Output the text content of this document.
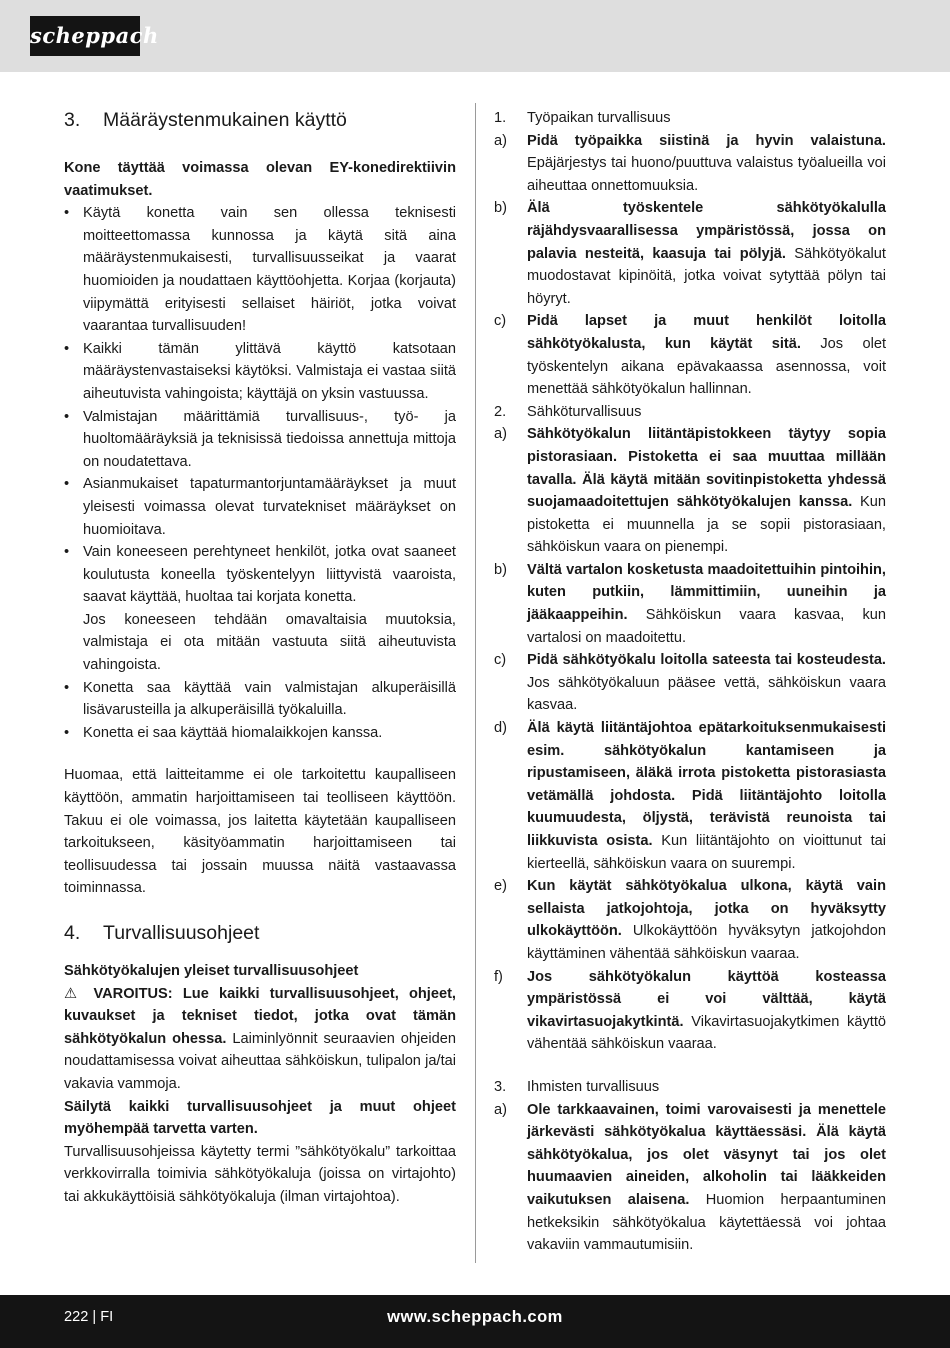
scheppach
3.	Määräystenmukainen käyttö

Kone täyttää voimassa olevan EY-konedirektiivin vaatimukset.

• Käytä konetta vain sen ollessa teknisesti moitteettomassa kunnossa ja käytä sitä aina määräystenmukaisesti, turvallisuusseikat ja vaarat huomioiden ja noudattaen käyttöohjetta. Korjaa (korjauta) viipymättä erityisesti sellaiset häiriöt, jotka voivat vaarantaa turvallisuuden!
• Kaikki tämän ylittävä käyttö katsotaan määräystenvastaiseksi käytöksi. Valmistaja ei vastaa siitä aiheutuvista vahingoista; käyttäjä on yksin vastuussa.
• Valmistajan määrittämiä turvallisuus-, työ- ja huoltomääräyksiä ja teknisissä tiedoissa annettuja mittoja on noudatettava.
• Asianmukaiset tapaturmantorjuntamääräykset ja muut yleisesti voimassa olevat turvatekniset määräykset on huomioitava.
• Vain koneeseen perehtyneet henkilöt, jotka ovat saaneet koulutusta koneella työskentelyyn liittyvistä vaaroista, saavat käyttää, huoltaa tai korjata konetta.
Jos koneeseen tehdään omavaltaisia muutoksia, valmistaja ei ota mitään vastuuta siitä aiheutuvista vahingoista.
• Konetta saa käyttää vain valmistajan alkuperäisillä lisävarusteilla ja alkuperäisillä työkaluilla.
• Konetta ei saa käyttää hiomalaikkojen kanssa.

Huomaa, että laitteitamme ei ole tarkoitettu kaupalliseen käyttöön, ammatin harjoittamiseen tai teolliseen käyttöön. Takuu ei ole voimassa, jos laitetta käytetään kaupalliseen tarkoitukseen, käsityöammatin harjoittamiseen tai teollisuudessa tai jossain muussa näitä vastaavassa toiminnassa.

4.	Turvallisuusohjeet

Sähkötyökalujen yleiset turvallisuusohjeet

⚠ VAROITUS: Lue kaikki turvallisuusohjeet, ohjeet, kuvaukset ja tekniset tiedot, jotka ovat tämän sähkötyökalun ohessa. Laiminlyönnit seuraavien ohjeiden noudattamisessa voivat aiheuttaa sähköiskun, tulipalon ja/tai vakavia vammoja.

Säilytä kaikki turvallisuusohjeet ja muut ohjeet myöhempää tarvetta varten.

Turvallisuusohjeissa käytetty termi ”sähkötyökalu” tarkoittaa verkkovirralla toimivia sähkötyökaluja (joissa on virtajohto) tai akkukäyttöisiä sähkötyökaluja (ilman virtajohtoa).

1.	Työpaikan turvallisuus
a)	Pidä työpaikka siistinä ja hyvin valaistuna. Epäjärjestys tai huono/puuttuva valaistus työalueilla voi aiheuttaa onnettomuuksia.
b)	Älä työskentele sähkötyökalulla räjähdysvaarallisessa ympäristössä, jossa on palavia nesteitä, kaasuja tai pölyjä. Sähkötyökalut muodostavat kipinöitä, jotka voivat sytyttää pölyn tai höyryt.
c)	Pidä lapset ja muut henkilöt loitolla sähkötyökalusta, kun käytät sitä. Jos olet työskentelyn aikana epävakaassa asennossa, voit menettää sähkötyökalun hallinnan.
2.	Sähköturvallisuus
a)	Sähkötyökalun liitäntäpistokkeen täytyy sopia pistorasiaan. Pistoketta ei saa muuttaa millään tavalla. Älä käytä mitään sovitinpistoketta yhdessä suojamaadoitettujen sähkötyökalujen kanssa. Kun pistoketta ei muunnella ja se sopii pistorasiaan, sähköiskun vaara on pienempi.
b)	Vältä vartalon kosketusta maadoitettuihin pintoihin, kuten putkiin, lämmittimiin, uuneihin ja jääkaappeihin. Sähköiskun vaara kasvaa, kun vartalosi on maadoitettu.
c)	Pidä sähkötyökalu loitolla sateesta tai kosteudesta. Jos sähkötyökaluun pääsee vettä, sähköiskun vaara kasvaa.
d)	Älä käytä liitäntäjohtoa epätarkoituksenmukaisesti esim. sähkötyökalun kantamiseen ja ripustamiseen, äläkä irrota pistoketta pistorasiasta vetämällä johdosta. Pidä liitäntäjohto loitolla kuumuudesta, öljystä, terävistä reunoista tai liikkuvista osista. Kun liitäntäjohto on vioittunut tai kierteellä, sähköiskun vaara on suurempi.
e)	Kun käytät sähkötyökalua ulkona, käytä vain sellaista jatkojohtoja, jotka on hyväksytty ulkokäyttöön. Ulkokäyttöön hyväksytyn jatkojohdon käyttäminen vähentää sähköiskun vaaraa.
f)	Jos sähkötyökalun käyttöä kosteassa ympäristössä ei voi välttää, käytä vikavirtasuojakytkintä. Vikavirtasuojakytkimen käyttö vähentää sähköiskun vaaraa.
3.	Ihmisten turvallisuus
a)	Ole tarkkaavainen, toimi varovaisesti ja menettele järkevästi sähkötyökalua käyttäessäsi. Älä käytä sähkötyökalua, jos olet väsynyt tai jos olet huumaavien aineiden, alkoholin tai lääkkeiden vaikutuksen alaisena. Huomion herpaantuminen hetkeksikin sähkötyökalua käytettäessä voi johtaa vakaviin vammautumisiin.
222 | FI	www.scheppach.com
